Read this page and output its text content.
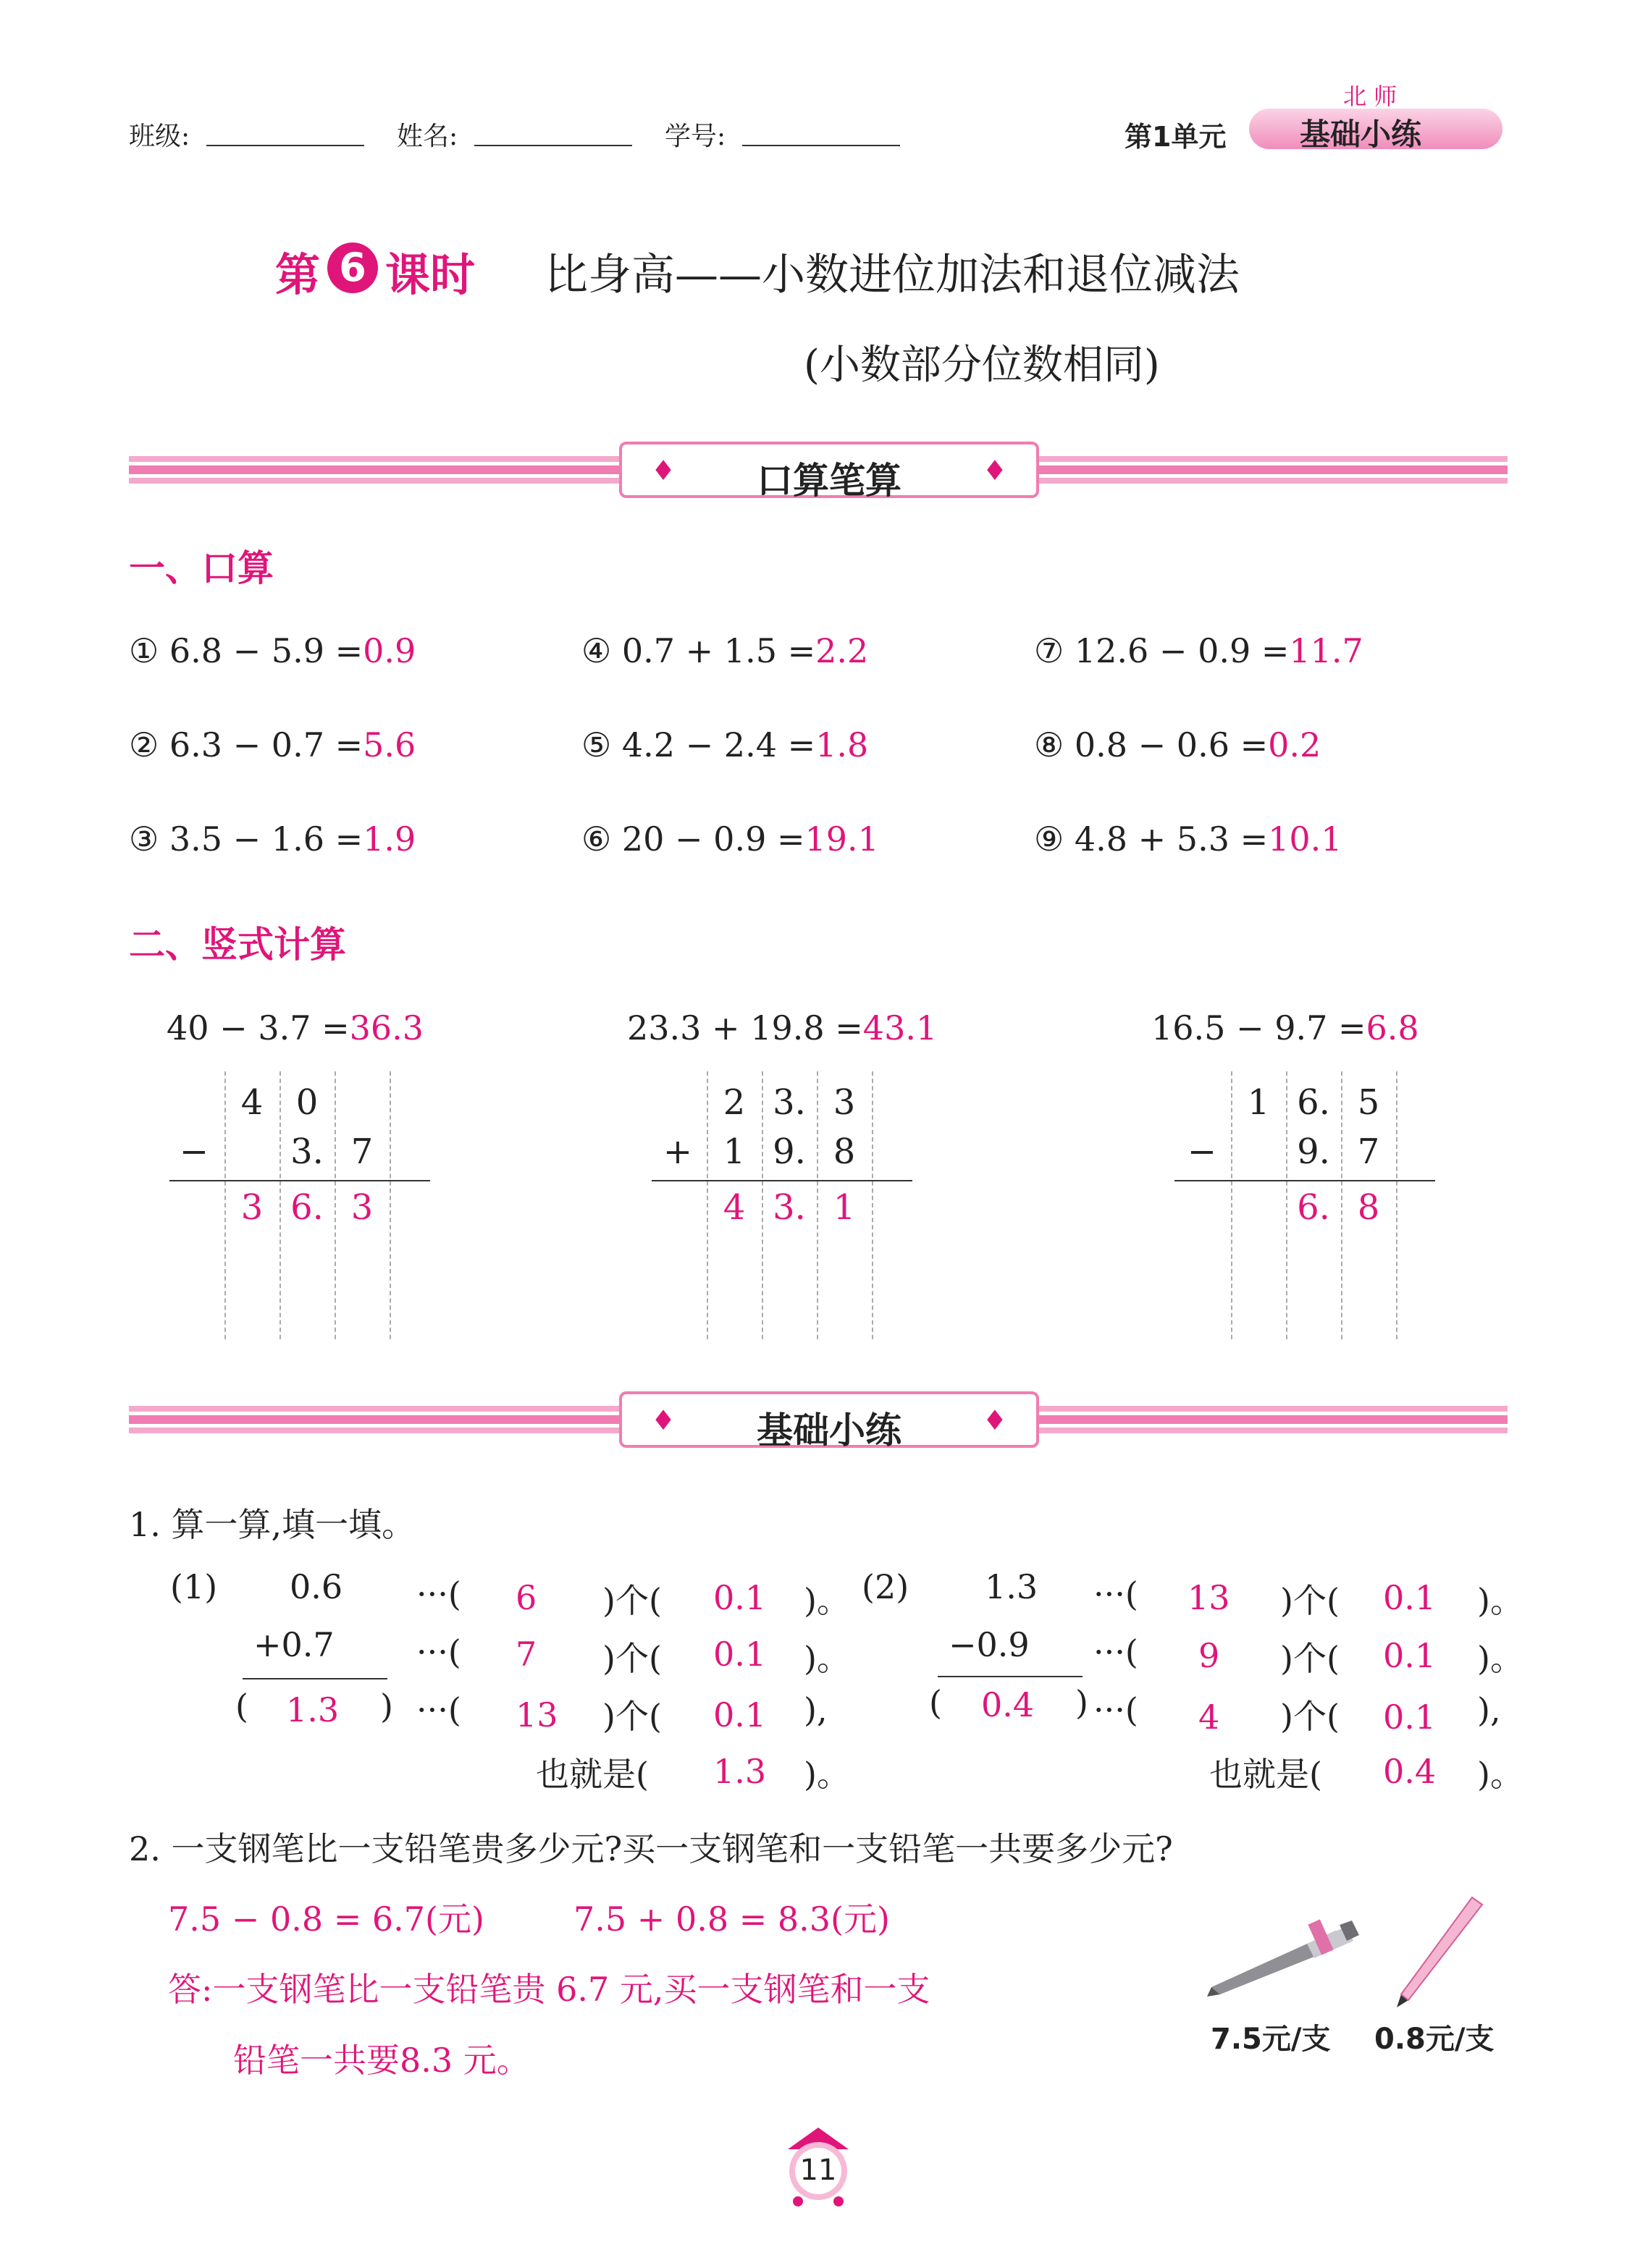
班级:	姓名:	学号:	第1单元
北 师
基础小练
第 6 课时 比身高——小数进位加法和退位减法
(小数部分位数相同)
♦	口算笔算	♦
一、口算
① 6.8 − 5.9 =0.9	④ 0.7 + 1.5 =2.2	⑦ 12.6 − 0.9 =11.7
② 6.3 − 0.7 =5.6	⑤ 4.2 − 2.4 =1.8	⑧ 0.8 − 0.6 =0.2
③ 3.5 − 1.6 =1.9	⑥ 20 − 0.9 =19.1	⑨ 4.8 + 5.3 =10.1
二、竖式计算
40 − 3.7 =36.3
4 0
−	3. 7
3 6. 3
23.3 + 19.8 =43.1
2 3. 3
+ 1 9. 8
4 3. 1
16.5 − 9.7 =6.8
1 6. 5
−	9. 7
6. 8
♦	基础小练	♦
1. 算一算,填一填。
(1) 0.6
+0.7
( 1.3 )
···( 6 )个( 0.1 )。
···( 7 )个( 0.1 )。
···( 13 )个( 0.1 ),
也就是( 1.3 )。
(2) 1.3
−0.9
( 0.4 )
···( 13 )个( 0.1 )。
···( 9 )个( 0.1 )。
···( 4 )个( 0.1 ),
也就是( 0.4 )。
2. 一支钢笔比一支铅笔贵多少元?买一支钢笔和一支铅笔一共要多少元?
7.5 − 0.8 = 6.7(元)	7.5 + 0.8 = 8.3(元)
答:一支钢笔比一支铅笔贵 6.7 元,买一支钢笔和一支
铅笔一共要8.3 元。
7.5元/支 0.8元/支
11
